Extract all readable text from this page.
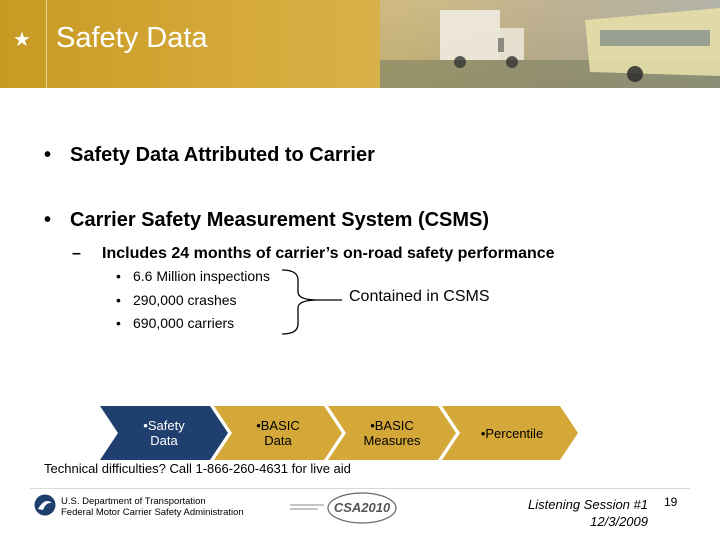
★ Safety Data
• Safety Data Attributed to Carrier
• Carrier Safety Measurement System (CSMS)
– Includes 24 months of carrier’s on-road safety performance
• 6.6 Million inspections
• 290,000 crashes
• 690,000 carriers
Contained in CSMS
•Safety
Data
•BASIC
Data
•BASIC
Measures	•Percentile
Technical difficulties? Call 1-866-260-4631 for live aid
U.S. Department of Transportation
Federal Motor Carrier Safety Administration	CSA2010	Listening Session #1
12/3/2009
19
